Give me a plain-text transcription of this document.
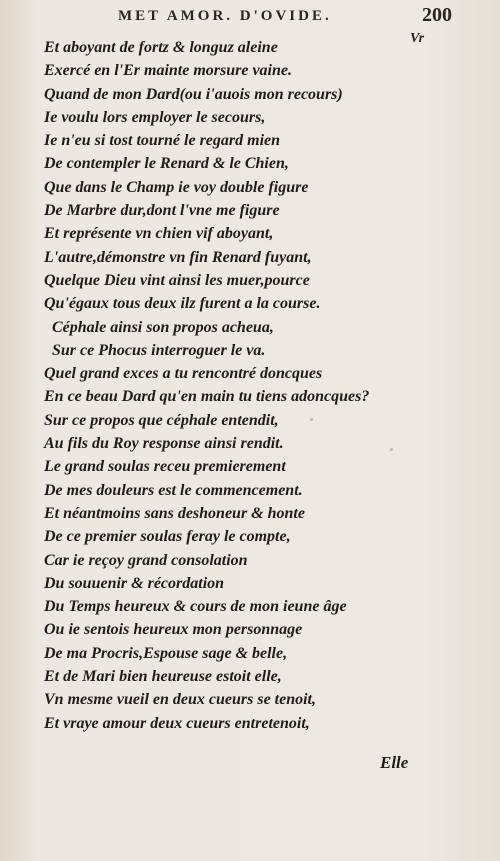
MET AMOR. D'OVIDE.	200
Vr
Et aboyant de fortz & longuz aleine
Exercé en l'Er mainte morsure vaine.
Quand de mon Dard(ou i'auois mon recours)
Ie voulu lors employer le secours,
Ie n'eu si tost tourné le regard mien
De contempler le Renard & le Chien,
Que dans le Champ ie voy double figure
De Marbre dur,dont l'vne me figure
Et représente vn chien vif aboyant,
L'autre,démonstre vn fin Renard fuyant,
Quelque Dieu vint ainsi les muer,pource
Qu'égaux tous deux ilz furent a la course.
Céphale ainsi son propos acheua,
Sur ce Phocus interroguer le va.
Quel grand exces a tu rencontré doncques
En ce beau Dard qu'en main tu tiens adoncques?
Sur ce propos que céphale entendit,
Au fils du Roy response ainsi rendit.
Le grand soulas receu premierement
De mes douleurs est le commencement.
Et néantmoins sans deshoneur & honte
De ce premier soulas feray le compte,
Car ie reçoy grand consolation
Du souuenir & récordation
Du Temps heureux & cours de mon ieune âge
Ou ie sentois heureux mon personnage
De ma Procris,Espouse sage & belle,
Et de Mari bien heureuse estoit elle,
Vn mesme vueil en deux cueurs se tenoit,
Et vraye amour deux cueurs entretenoit,
Elle
